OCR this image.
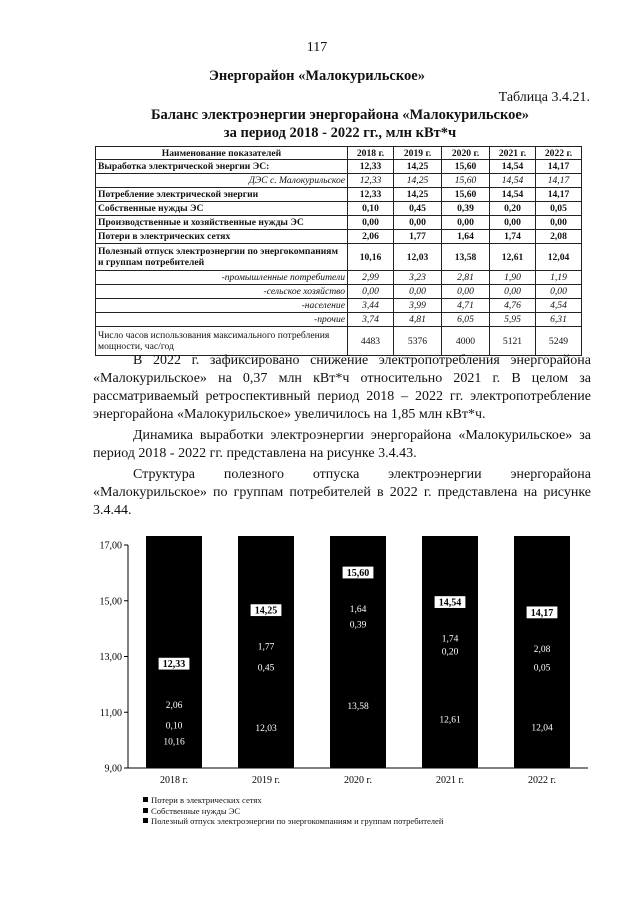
117
Энергорайон «Малокурильское»
Таблица 3.4.21.
Баланс электроэнергии энергорайона «Малокурильское»
за период 2018 - 2022 гг., млн кВт*ч
Наименование показателей	2018 г.	2019 г.	2020 г.	2021 г.	2022 г.
Выработка электрической энергии ЭС:	12,33	14,25	15,60	14,54	14,17
ДЭС с. Малокурильское	12,33	14,25	15,60	14,54	14,17
Потребление электрической энергии	12,33	14,25	15,60	14,54	14,17
Собственные нужды ЭС	0,10	0,45	0,39	0,20	0,05
Производственные и хозяйственные нужды ЭС	0,00	0,00	0,00	0,00	0,00
Потери в электрических сетях	2,06	1,77	1,64	1,74	2,08
Полезный отпуск электроэнергии по энергокомпаниям и группам потребителей	10,16	12,03	13,58	12,61	12,04
-промышленные потребители	2,99	3,23	2,81	1,90	1,19
-сельское хозяйство	0,00	0,00	0,00	0,00	0,00
-население	3,44	3,99	4,71	4,76	4,54
-прочие	3,74	4,81	6,05	5,95	6,31
Число часов использования максимального потребления мощности, час/год	4483	5376	4000	5121	5249

В 2022 г. зафиксировано снижение электропотребления энергорайона «Малокурильское» на 0,37 млн кВт*ч относительно 2021 г. В целом за рассматриваемый ретроспективный период 2018 – 2022 гг. электропотребление энергорайона «Малокурильское» увеличилось на 1,85 млн кВт*ч.

Динамика выработки электроэнергии энергорайона «Малокурильское» за период 2018 - 2022 гг. представлена на рисунке 3.4.43.

Структура полезного отпуска электроэнергии энергорайона «Малокурильское» по группам потребителей в 2022 г. представлена на рисунке 3.4.44.

9,00
11,00
13,00
15,00
17,00
2,06
0,10
10,16
12,33
2018 г.
1,77
0,45
12,03
14,25
2019 г.
1,64
0,39
13,58
15,60
2020 г.
1,74
0,20
12,61
14,54
2021 г.
2,08
0,05
12,04
14,17
2022 г.
Потери в электрических сетях
Собственные нужды ЭС
Полезный отпуск электроэнергии по энергокомпаниям и группам потребителей
